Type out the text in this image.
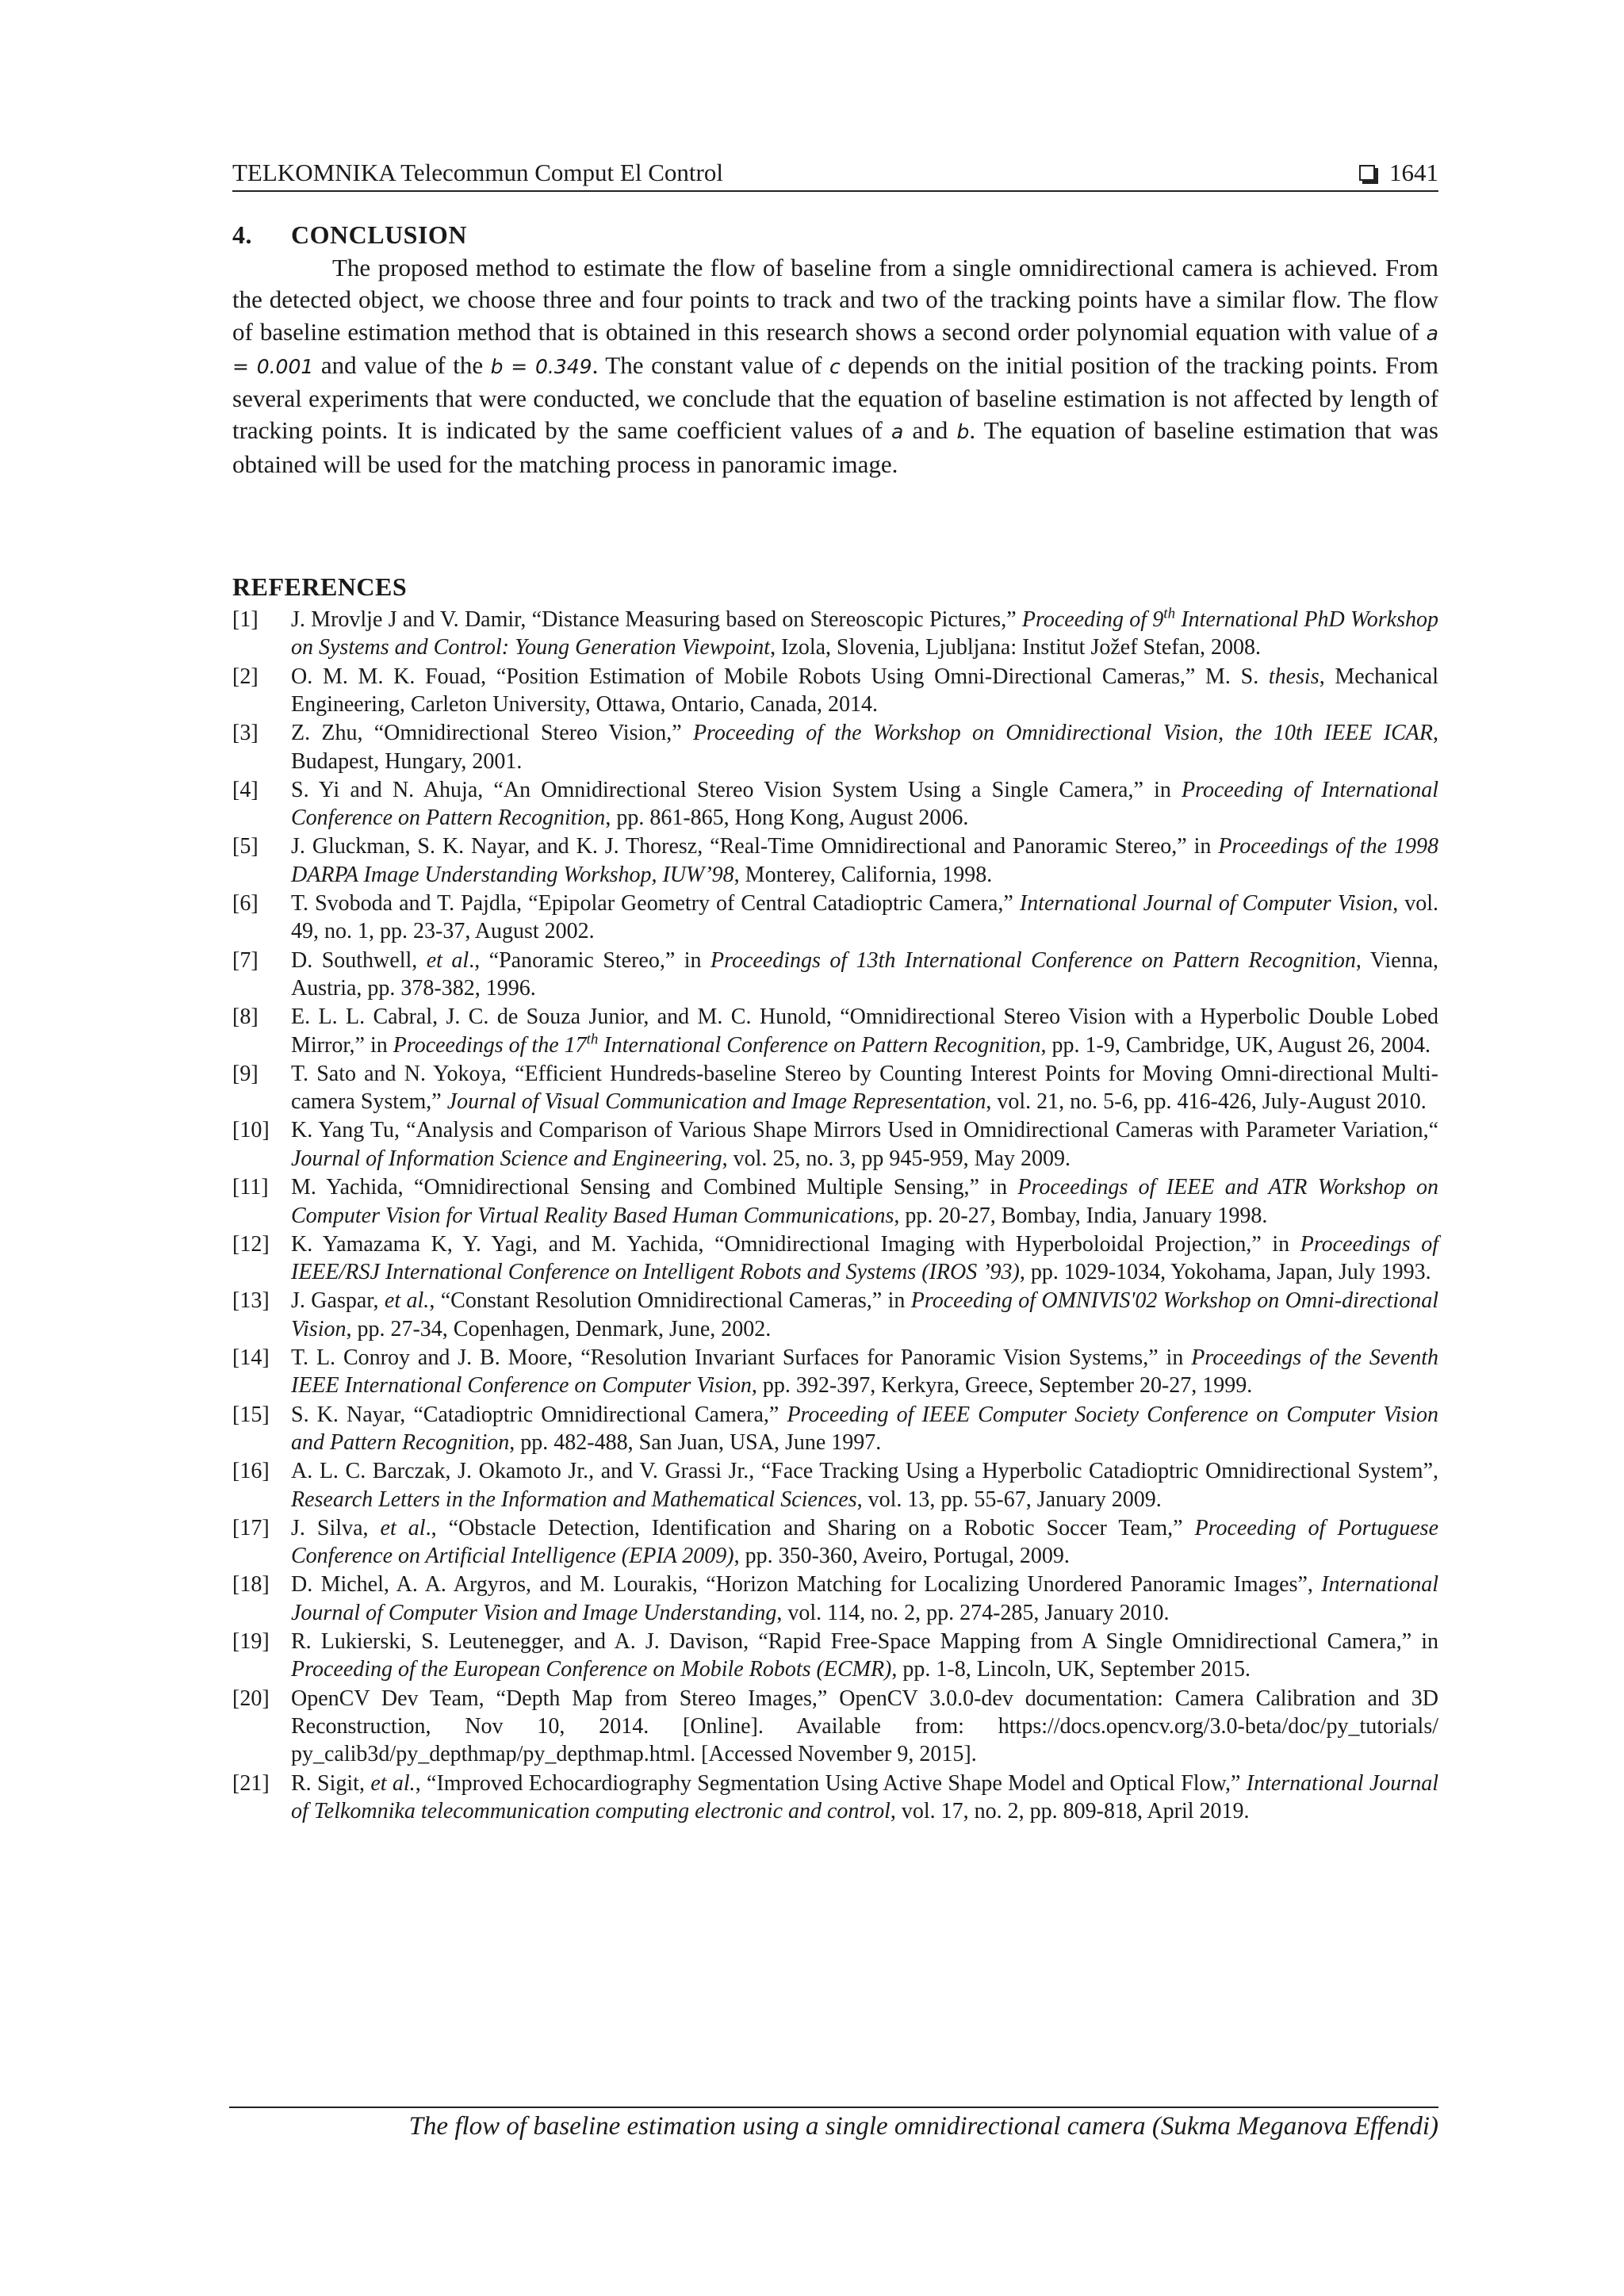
TELKOMNIKA Telecommun Comput El Control	1641
4. CONCLUSION

The proposed method to estimate the flow of baseline from a single omnidirectional camera is achieved. From the detected object, we choose three and four points to track and two of the tracking points have a similar flow. The flow of baseline estimation method that is obtained in this research shows a second order polynomial equation with value of a = 0.001 and value of the b = 0.349. The constant value of c depends on the initial position of the tracking points. From several experiments that were conducted, we conclude that the equation of baseline estimation is not affected by length of tracking points. It is indicated by the same coefficient values of a and b. The equation of baseline estimation that was obtained will be used for the matching process in panoramic image.

REFERENCES
[1]	J. Mrovlje J and V. Damir, “Distance Measuring based on Stereoscopic Pictures,” Proceeding of 9th International PhD Workshop on Systems and Control: Young Generation Viewpoint, Izola, Slovenia, Ljubljana: Institut Jožef Stefan, 2008.
[2]	O. M. M. K. Fouad, “Position Estimation of Mobile Robots Using Omni-Directional Cameras,” M. S. thesis, Mechanical Engineering, Carleton University, Ottawa, Ontario, Canada, 2014.
[3]	Z. Zhu, “Omnidirectional Stereo Vision,” Proceeding of the Workshop on Omnidirectional Vision, the 10th IEEE ICAR, Budapest, Hungary, 2001.
[4]	S. Yi and N. Ahuja, “An Omnidirectional Stereo Vision System Using a Single Camera,” in Proceeding of International Conference on Pattern Recognition, pp. 861-865, Hong Kong, August 2006.
[5]	J. Gluckman, S. K. Nayar, and K. J. Thoresz, “Real-Time Omnidirectional and Panoramic Stereo,” in Proceedings of the 1998 DARPA Image Understanding Workshop, IUW’98, Monterey, California, 1998.
[6]	T. Svoboda and T. Pajdla, “Epipolar Geometry of Central Catadioptric Camera,” International Journal of Computer Vision, vol. 49, no. 1, pp. 23-37, August 2002.
[7]	D. Southwell, et al., “Panoramic Stereo,” in Proceedings of 13th International Conference on Pattern Recognition, Vienna, Austria, pp. 378-382, 1996.
[8]	E. L. L. Cabral, J. C. de Souza Junior, and M. C. Hunold, “Omnidirectional Stereo Vision with a Hyperbolic Double Lobed Mirror,” in Proceedings of the 17th International Conference on Pattern Recognition, pp. 1-9, Cambridge, UK, August 26, 2004.
[9]	T. Sato and N. Yokoya, “Efficient Hundreds-baseline Stereo by Counting Interest Points for Moving Omni-directional Multi-camera System,” Journal of Visual Communication and Image Representation, vol. 21, no. 5-6, pp. 416-426, July-August 2010.
[10] K. Yang Tu, “Analysis and Comparison of Various Shape Mirrors Used in Omnidirectional Cameras with Parameter Variation,“ Journal of Information Science and Engineering, vol. 25, no. 3, pp 945-959, May 2009.
[11]	M. Yachida, “Omnidirectional Sensing and Combined Multiple Sensing,” in Proceedings of IEEE and ATR Workshop on Computer Vision for Virtual Reality Based Human Communications, pp. 20-27, Bombay, India, January 1998.
[12] K. Yamazama K, Y. Yagi, and M. Yachida, “Omnidirectional Imaging with Hyperboloidal Projection,” in Proceedings of IEEE/RSJ International Conference on Intelligent Robots and Systems (IROS ’93), pp. 1029-1034, Yokohama, Japan, July 1993.
[13] J. Gaspar, et al., “Constant Resolution Omnidirectional Cameras,” in Proceeding of OMNIVIS'02 Workshop on Omni-directional Vision, pp. 27-34, Copenhagen, Denmark, June, 2002.
[14] T. L. Conroy and J. B. Moore, “Resolution Invariant Surfaces for Panoramic Vision Systems,” in Proceedings of the Seventh IEEE International Conference on Computer Vision, pp. 392-397, Kerkyra, Greece, September 20-27, 1999.
[15] S. K. Nayar, “Catadioptric Omnidirectional Camera,” Proceeding of IEEE Computer Society Conference on Computer Vision and Pattern Recognition, pp. 482-488, San Juan, USA, June 1997.
[16] A. L. C. Barczak, J. Okamoto Jr., and V. Grassi Jr., “Face Tracking Using a Hyperbolic Catadioptric Omnidirectional System”, Research Letters in the Information and Mathematical Sciences, vol. 13, pp. 55-67, January 2009.
[17] J. Silva, et al., “Obstacle Detection, Identification and Sharing on a Robotic Soccer Team,” Proceeding of Portuguese Conference on Artificial Intelligence (EPIA 2009), pp. 350-360, Aveiro, Portugal, 2009.
[18] D. Michel, A. A. Argyros, and M. Lourakis, “Horizon Matching for Localizing Unordered Panoramic Images”, International Journal of Computer Vision and Image Understanding, vol. 114, no. 2, pp. 274-285, January 2010.
[19] R. Lukierski, S. Leutenegger, and A. J. Davison, “Rapid Free-Space Mapping from A Single Omnidirectional Camera,” in Proceeding of the European Conference on Mobile Robots (ECMR), pp. 1-8, Lincoln, UK, September 2015.
[20] OpenCV Dev Team, “Depth Map from Stereo Images,” OpenCV 3.0.0-dev documentation: Camera Calibration and 3D Reconstruction, Nov 10, 2014. [Online]. Available from: https://docs.opencv.org/3.0-beta/doc/py_tutorials/ py_calib3d/py_depthmap/py_depthmap.html. [Accessed November 9, 2015].
[21] R. Sigit, et al., “Improved Echocardiography Segmentation Using Active Shape Model and Optical Flow,” International Journal of Telkomnika telecommunication computing electronic and control, vol. 17, no. 2, pp. 809-818, April 2019.
The flow of baseline estimation using a single omnidirectional camera (Sukma Meganova Effendi)
